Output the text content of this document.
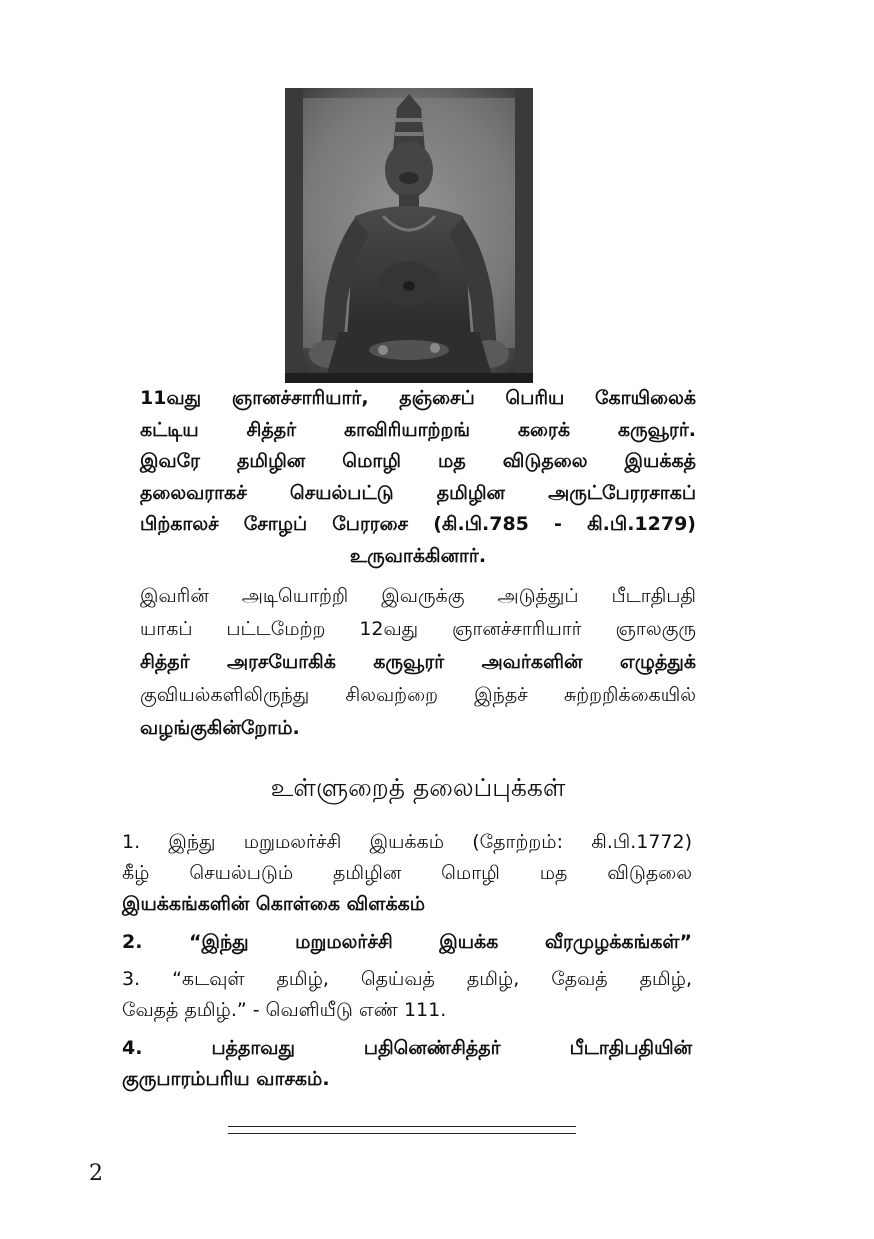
11வது ஞானச்சாரியார், தஞ்சைப் பெரிய கோயிலைக்
கட்டிய சித்தர் காவிரியாற்றங் கரைக் கருவூரர்.
இவரே தமிழின மொழி மத விடுதலை இயக்கத்
தலைவராகச் செயல்பட்டு தமிழின அருட்பேரரசாகப்
பிற்காலச் சோழப் பேரரசை (கி.பி.785 - கி.பி.1279)
உருவாக்கினார்.
இவரின் அடியொற்றி இவருக்கு அடுத்துப் பீடாதிபதி
யாகப் பட்டமேற்ற 12வது ஞானச்சாரியார் ஞாலகுரு
சித்தர் அரசயோகிக் கருவூரர் அவர்களின் எழுத்துக்
குவியல்களிலிருந்து சிலவற்றை இந்தச் சுற்றறிக்கையில்
வழங்குகின்றோம்.
உள்ளுறைத் தலைப்புக்கள்
1. இந்து மறுமலர்ச்சி இயக்கம் (தோற்றம்: கி.பி.1772)
கீழ் செயல்படும் தமிழின மொழி மத விடுதலை
இயக்கங்களின் கொள்கை விளக்கம்
2. “இந்து மறுமலர்ச்சி இயக்க வீரமுழக்கங்கள்”
3. “கடவுள் தமிழ், தெய்வத் தமிழ், தேவத் தமிழ்,
வேதத் தமிழ்.” - வெளியீடு எண் 111.
4. பத்தாவது பதினெண்சித்தர் பீடாதிபதியின்
குருபாரம்பரிய வாசகம்.
2
